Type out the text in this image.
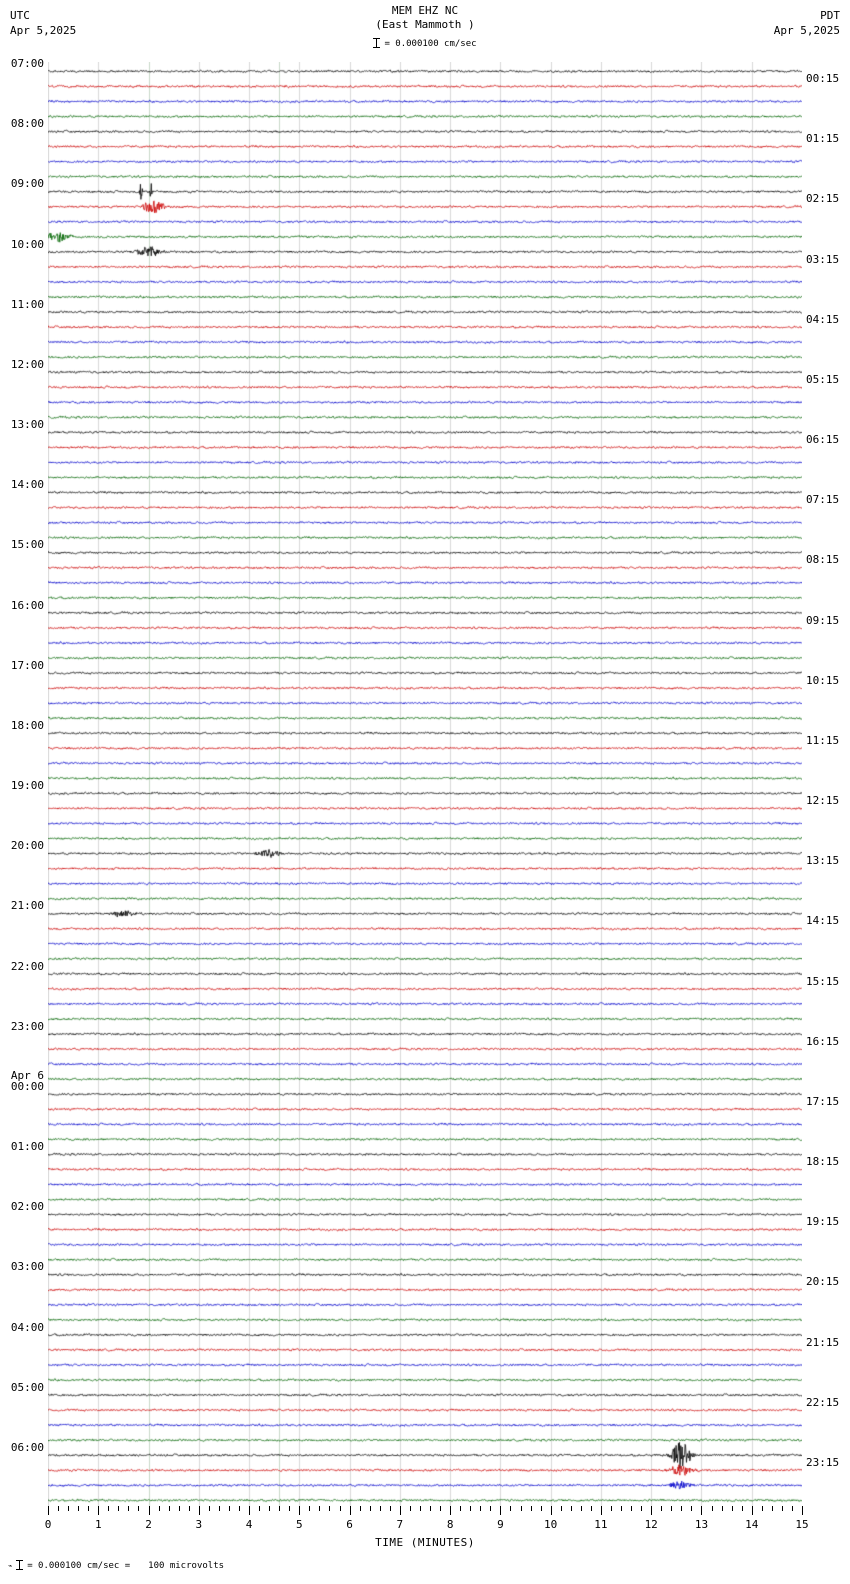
UTC
Apr 5,2025
MEM EHZ NC
(East Mammoth )
PDT
Apr 5,2025
= 0.000100 cm/sec
07:00
08:00
09:00
10:00
11:00
12:00
13:00
14:00
15:00
16:00
17:00
18:00
19:00
20:00
21:00
22:00
23:00
Apr 6
00:00
01:00
02:00
03:00
04:00
05:00
06:00
00:15
01:15
02:15
03:15
04:15
05:15
06:15
07:15
08:15
09:15
10:15
11:15
12:15
13:15
14:15
15:15
16:15
17:15
18:15
19:15
20:15
21:15
22:15
23:15
0	1	2	3	4	5	6	7	8	9	10	11	12	13	14	15
TIME (MINUTES)
⌁ = 0.000100 cm/sec = 100 microvolts
